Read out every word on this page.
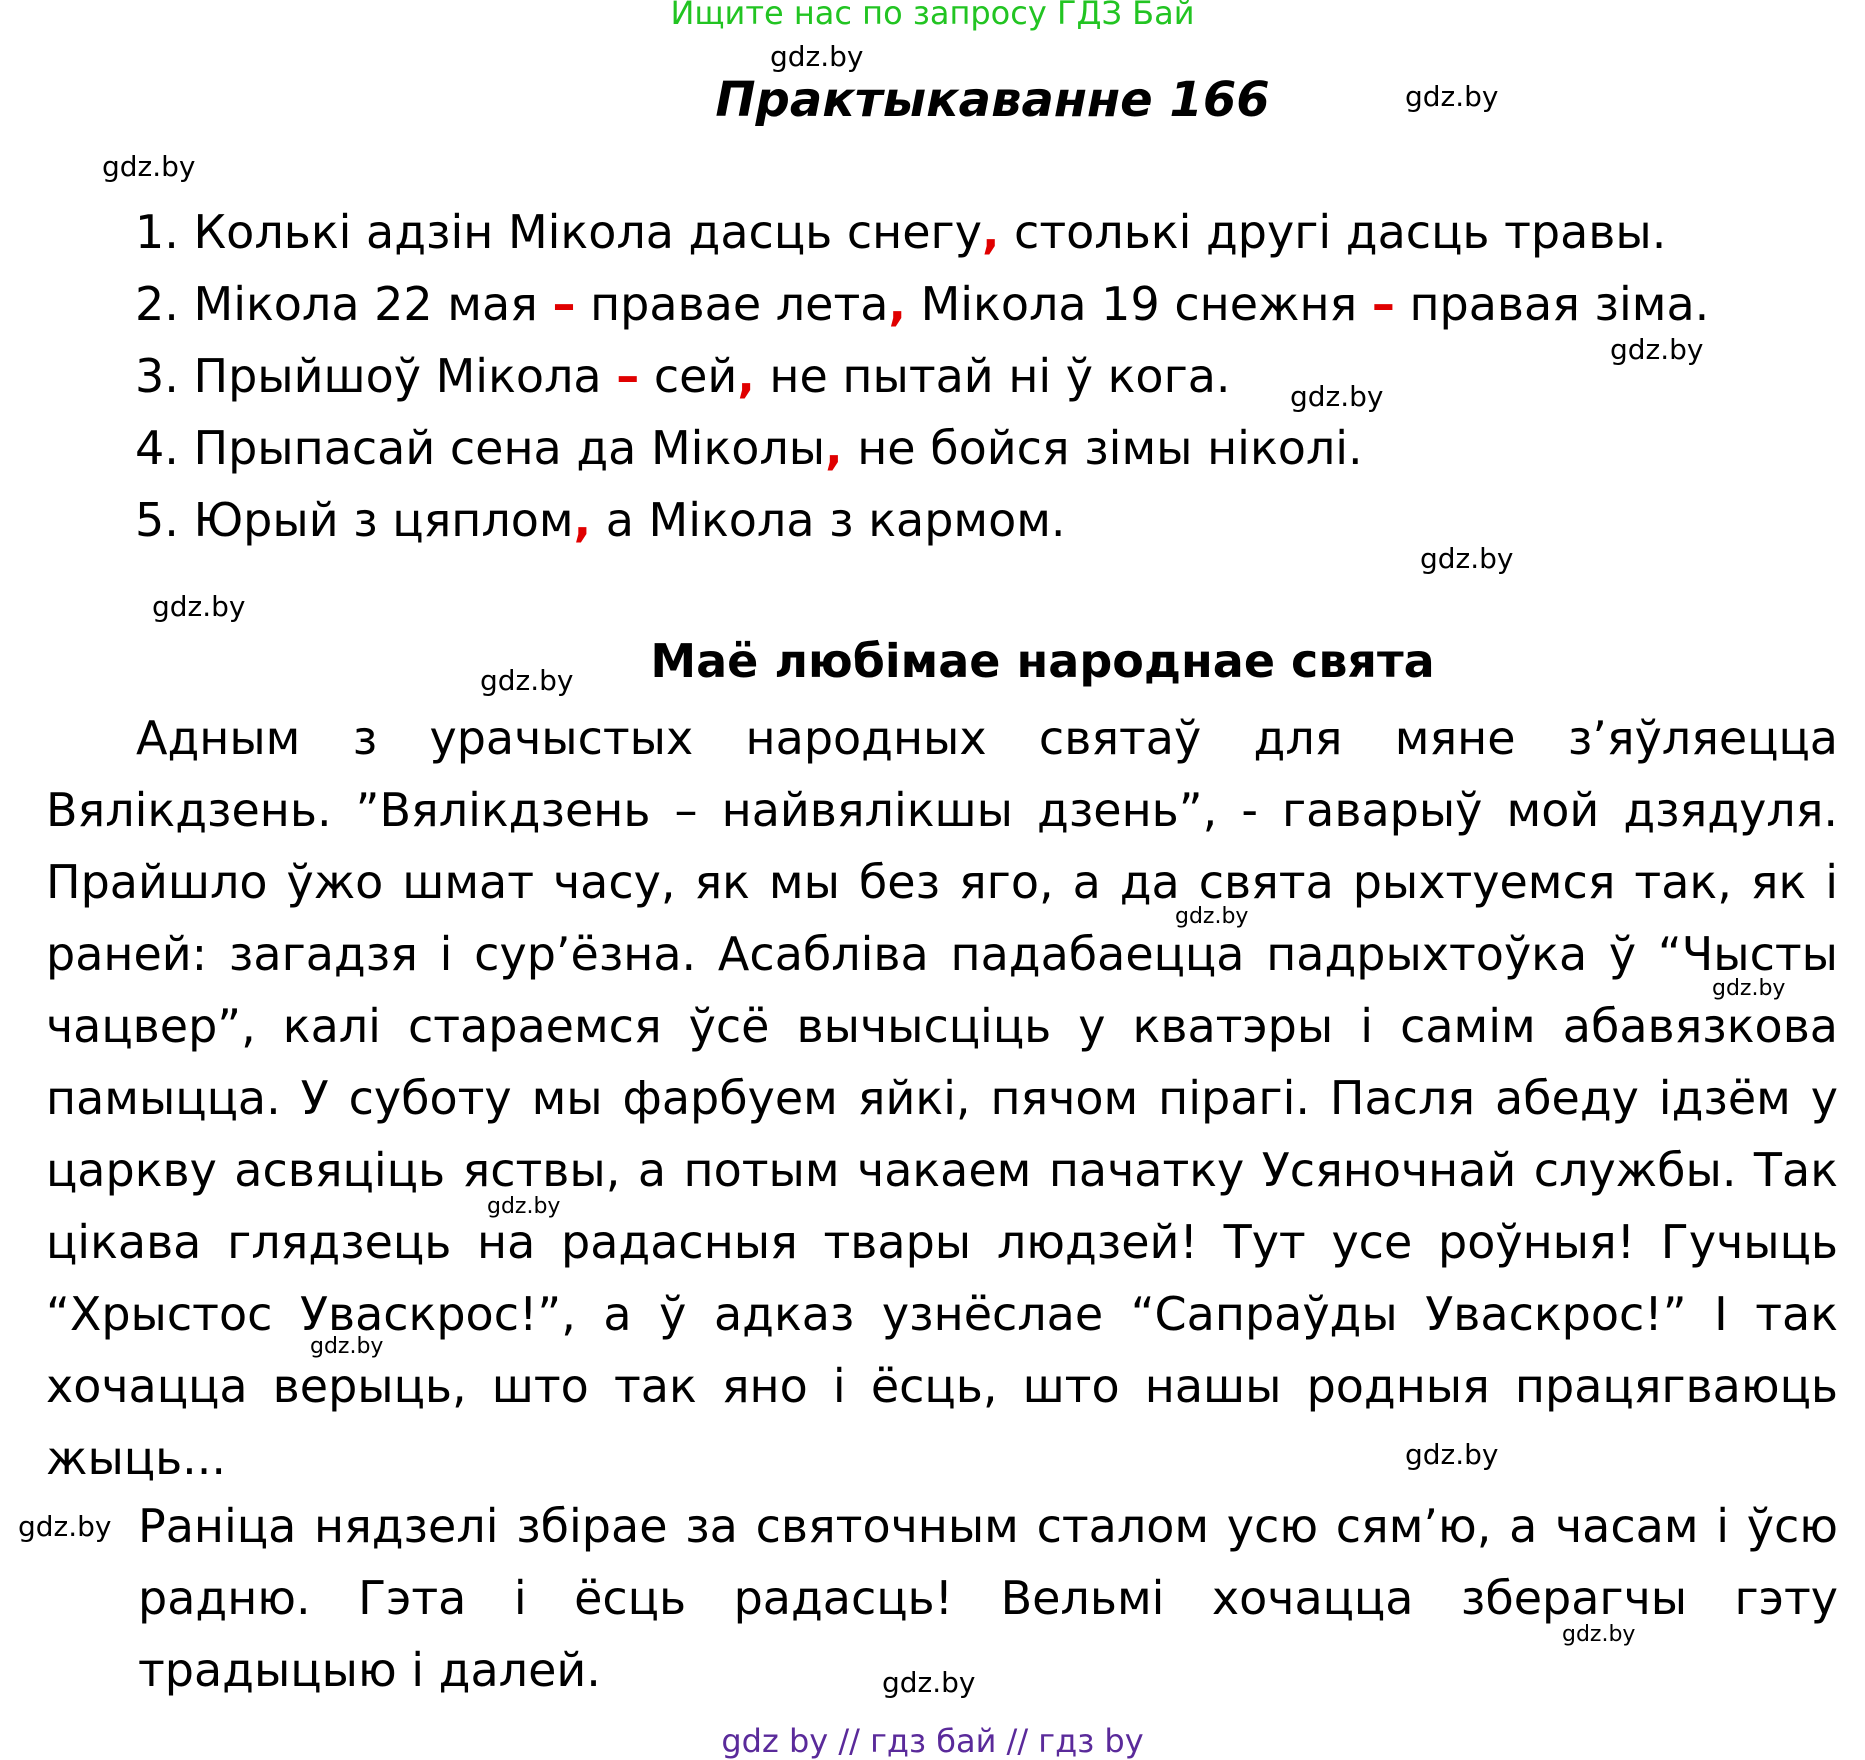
Ищите нас по запросу ГДЗ Бай
gdz.by
Практыкаванне 166	gdz.by
gdz.by
1. Колькі адзін Мікола дасць снегу, столькі другі дасць травы.
2. Мікола 22 мая – правае лета, Мікола 19 снежня – правая зіма.
gdz.by
3. Прыйшоў Мікола – сей, не пытай ні ў кога. gdz.by
4. Прыпасай сена да Міколы, не бойся зімы ніколі.
5. Юрый з цяплом, а Мікола з кармом.
gdz.by
gdz.by
gdz.by	Маё любімае народнае свята
Адным з урачыстых народных святаў для мяне з’яўляецца Вялікдзень. ”Вялікдзень – найвялікшы дзень”, - гаварыў мой дзядуля. Прайшло ўжо шмат часу, як мы без яго, а да свята рыхтуемся так, як і раней: загадзя і сур’ёзна. Асабліва падабаецца падрыхтоўка ў “Чысты чацвер”, калі стараемся ўсё вычысціць у кватэры і самім абавязкова памыцца. У суботу мы фарбуем яйкі, пячом пірагі. Пасля абеду ідзём у царкву асвяціць яствы, а потым чакаем пачатку Усяночнай службы. Так цікава глядзець на радасныя твары людзей! Тут усе роўныя! Гучыць “Хрыстос Уваскрос!”, а ў адказ узнёслае “Сапраўды Уваскрос!” І так хочацца верыць, што так яно і ёсць, што нашы родныя працягваюць жыць...
gdz.by
gdz.by
gdz.by
gdz.by
gdz.by
gdz.by Раніца нядзелі збірае за святочным сталом усю сям’ю, а часам і ўсю радню. Гэта і ёсць радасць! Вельмі хочацца зберагчы гэту традыцыю і далей.
gdz.by
gdz.by
gdz by // гдз бай // гдз by
